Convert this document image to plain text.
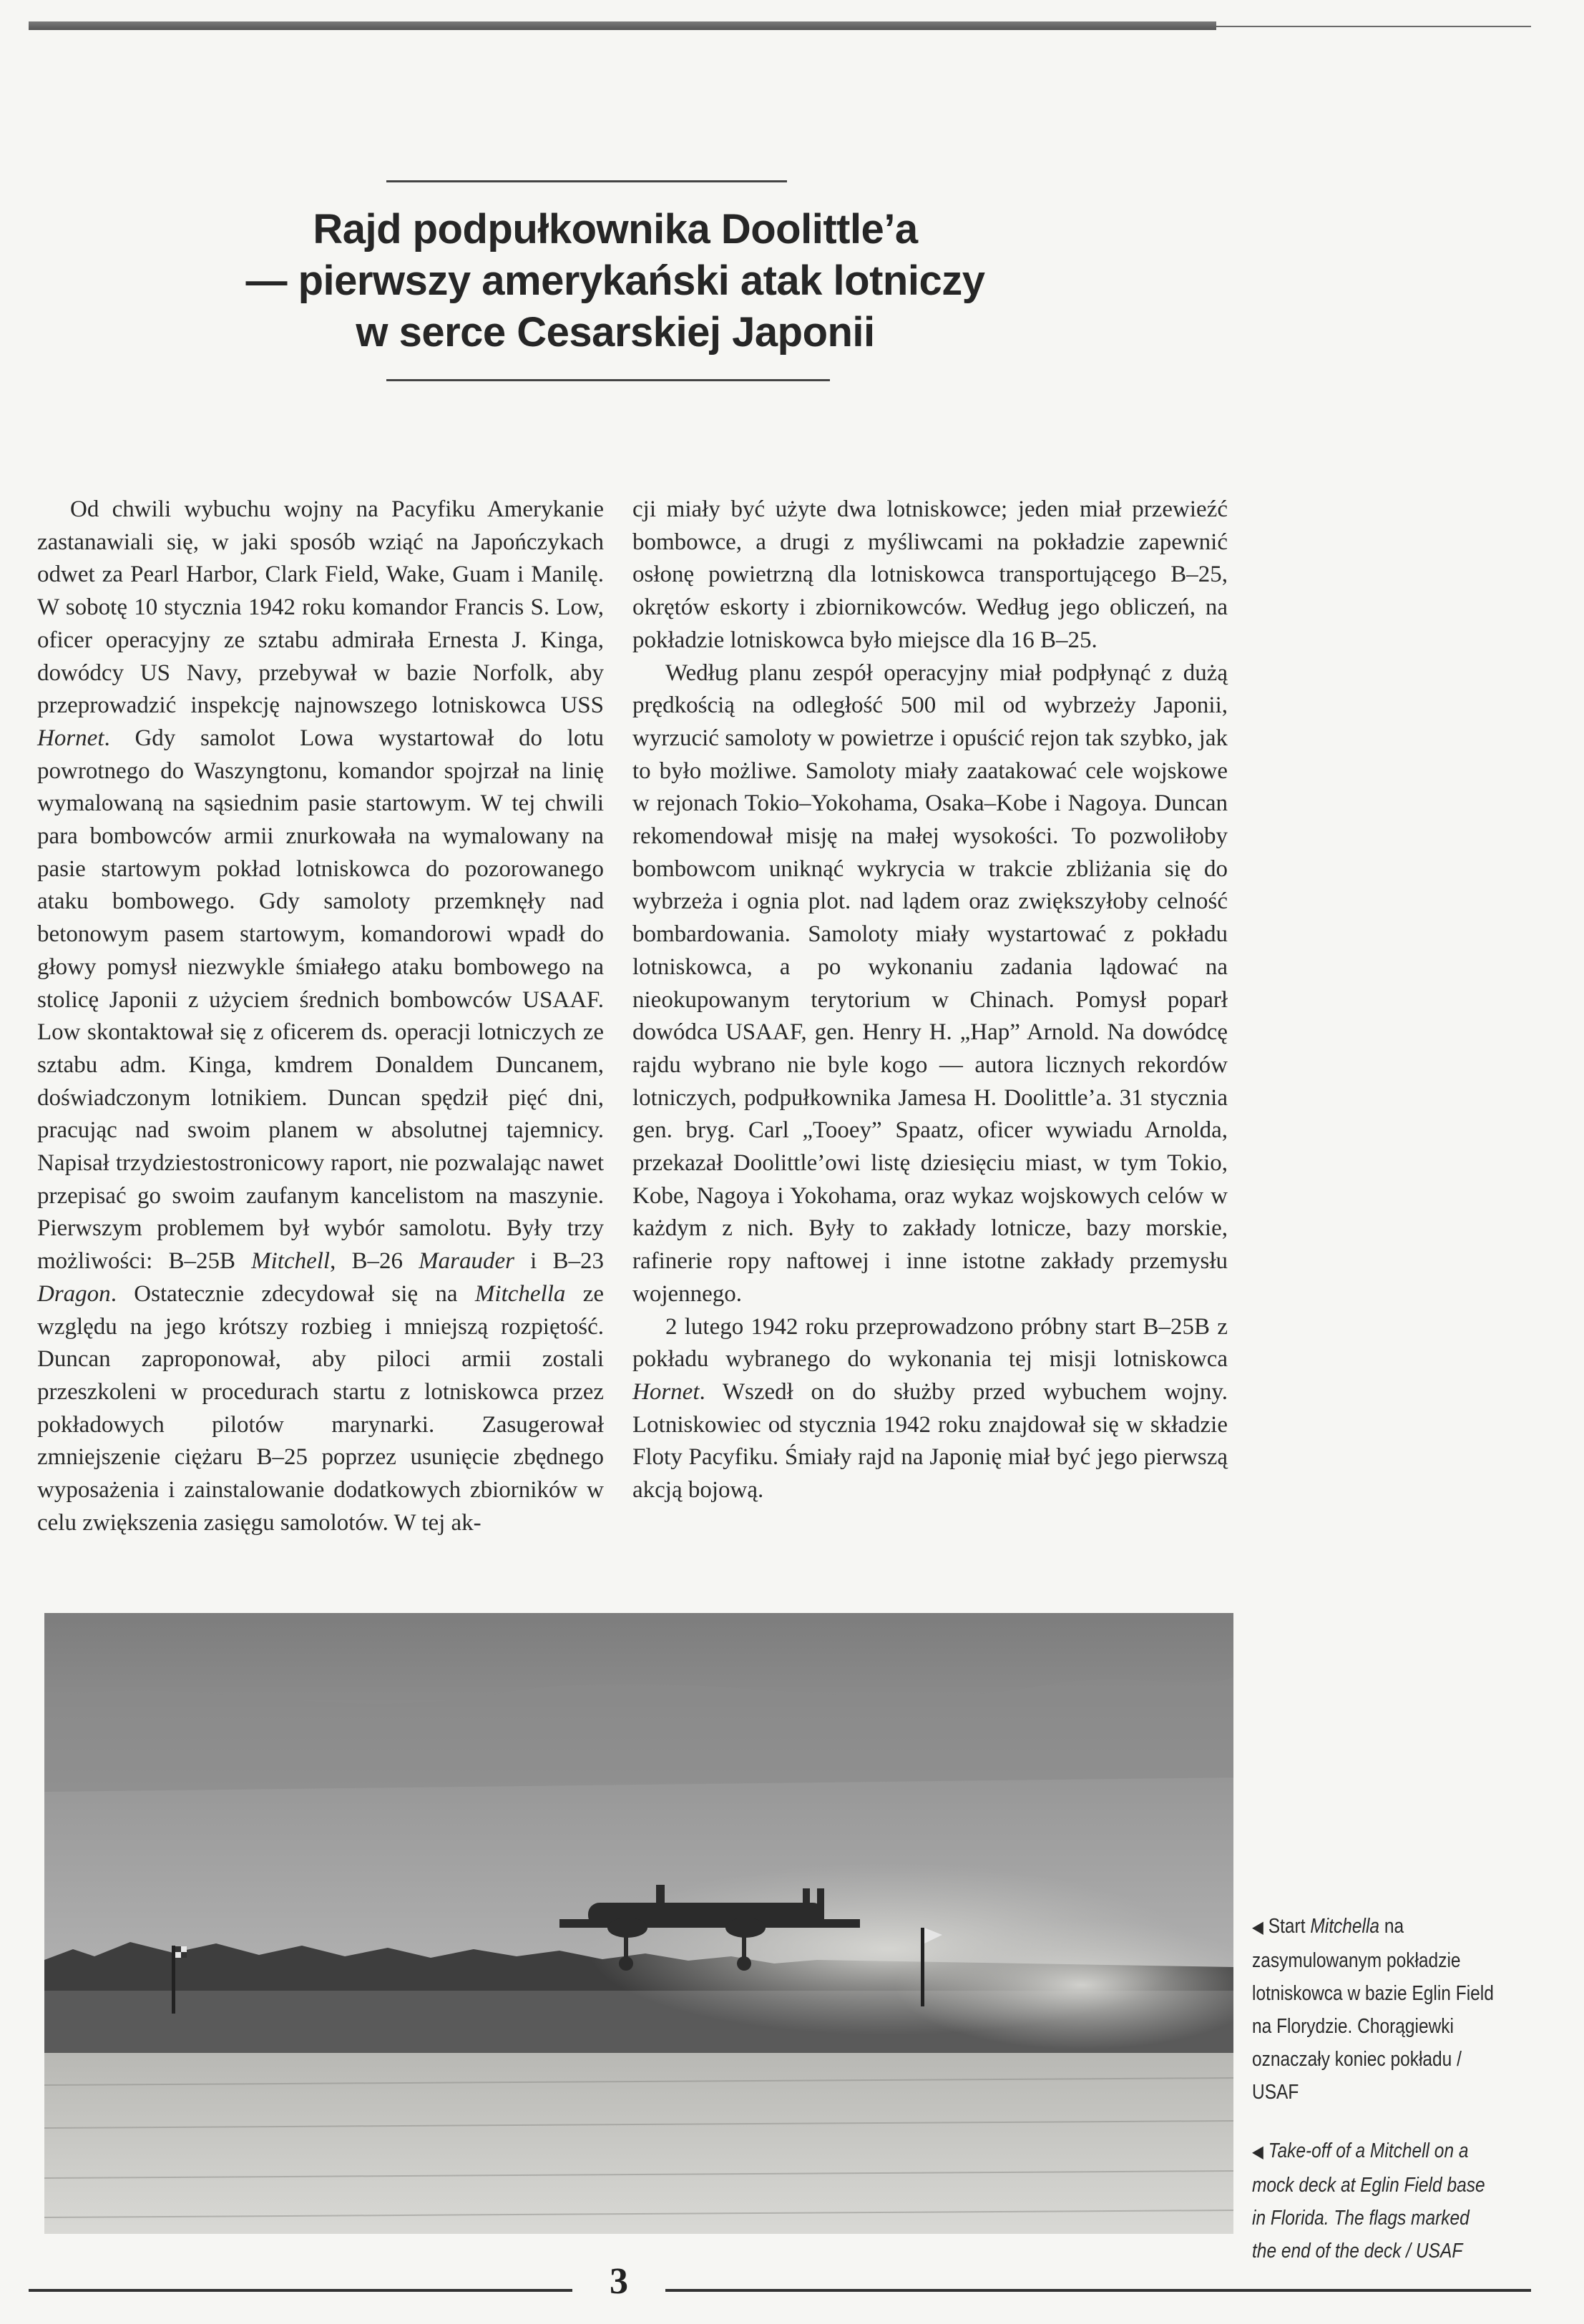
Rajd podpułkownika Doolittle’a
— pierwszy amerykański atak lotniczy
w serce Cesarskiej Japonii

Od chwili wybuchu wojny na Pacyfiku Amerykanie zastanawiali się, w jaki sposób wziąć na Japończykach odwet za Pearl Harbor, Clark Field, Wake, Guam i Manilę. W sobotę 10 stycznia 1942 roku komandor Francis S. Low, oficer operacyjny ze sztabu admirała Ernesta J. Kinga, dowódcy US Navy, przebywał w bazie Norfolk, aby przeprowadzić inspekcję najnowszego lotniskowca USS Hornet. Gdy samolot Lowa wystartował do lotu powrotnego do Waszyngtonu, komandor spojrzał na linię wymalowaną na sąsiednim pasie startowym. W tej chwili para bombowców armii znurkowała na wymalowany na pasie startowym pokład lotniskowca do pozorowanego ataku bombowego. Gdy samoloty przemknęły nad betonowym pasem startowym, komandorowi wpadł do głowy pomysł niezwykle śmiałego ataku bombowego na stolicę Japonii z użyciem średnich bombowców USAAF. Low skontaktował się z oficerem ds. operacji lotniczych ze sztabu adm. Kinga, kmdrem Donaldem Duncanem, doświadczonym lotnikiem. Duncan spędził pięć dni, pracując nad swoim planem w absolutnej tajemnicy. Napisał trzydziestostronicowy raport, nie pozwalając nawet przepisać go swoim zaufanym kancelistom na maszynie. Pierwszym problemem był wybór samolotu. Były trzy możliwości: B–25B Mitchell, B–26 Marauder i B–23 Dragon. Ostatecznie zdecydował się na Mitchella ze względu na jego krótszy rozbieg i mniejszą rozpiętość. Duncan zaproponował, aby piloci armii zostali przeszkoleni w procedurach startu z lotniskowca przez pokładowych pilotów marynarki. Zasugerował zmniejszenie ciężaru B–25 poprzez usunięcie zbędnego wyposażenia i zainstalowanie dodatkowych zbiorników w celu zwiększenia zasięgu samolotów. W tej ak-

cji miały być użyte dwa lotniskowce; jeden miał przewieźć bombowce, a drugi z myśliwcami na pokładzie zapewnić osłonę powietrzną dla lotniskowca transportującego B–25, okrętów eskorty i zbiornikowców. Według jego obliczeń, na pokładzie lotniskowca było miejsce dla 16 B–25.

Według planu zespół operacyjny miał podpłynąć z dużą prędkością na odległość 500 mil od wybrzeży Japonii, wyrzucić samoloty w powietrze i opuścić rejon tak szybko, jak to było możliwe. Samoloty miały zaatakować cele wojskowe w rejonach Tokio–Yokohama, Osaka–Kobe i Nagoya. Duncan rekomendował misję na małej wysokości. To pozwoliłoby bombowcom uniknąć wykrycia w trakcie zbliżania się do wybrzeża i ognia plot. nad lądem oraz zwiększyłoby celność bombardowania. Samoloty miały wystartować z pokładu lotniskowca, a po wykonaniu zadania lądować na nieokupowanym terytorium w Chinach. Pomysł poparł dowódca USAAF, gen. Henry H. „Hap” Arnold. Na dowódcę rajdu wybrano nie byle kogo — autora licznych rekordów lotniczych, podpułkownika Jamesa H. Doolittle’a. 31 stycznia gen. bryg. Carl „Tooey” Spaatz, oficer wywiadu Arnolda, przekazał Doolittle’owi listę dziesięciu miast, w tym Tokio, Kobe, Nagoya i Yokohama, oraz wykaz wojskowych celów w każdym z nich. Były to zakłady lotnicze, bazy morskie, rafinerie ropy naftowej i inne istotne zakłady przemysłu wojennego.

2 lutego 1942 roku przeprowadzono próbny start B–25B z pokładu wybranego do wykonania tej misji lotniskowca Hornet. Wszedł on do służby przed wybuchem wojny. Lotniskowiec od stycznia 1942 roku znajdował się w składzie Floty Pacyfiku. Śmiały rajd na Japonię miał być jego pierwszą akcją bojową.

◀ Start Mitchella na zasymulowanym pokładzie lotniskowca w bazie Eglin Field na Florydzie. Chorągiewki oznaczały koniec pokładu / USAF

◀ Take-off of a Mitchell on a mock deck at Eglin Field base in Florida. The flags marked the end of the deck / USAF

3
